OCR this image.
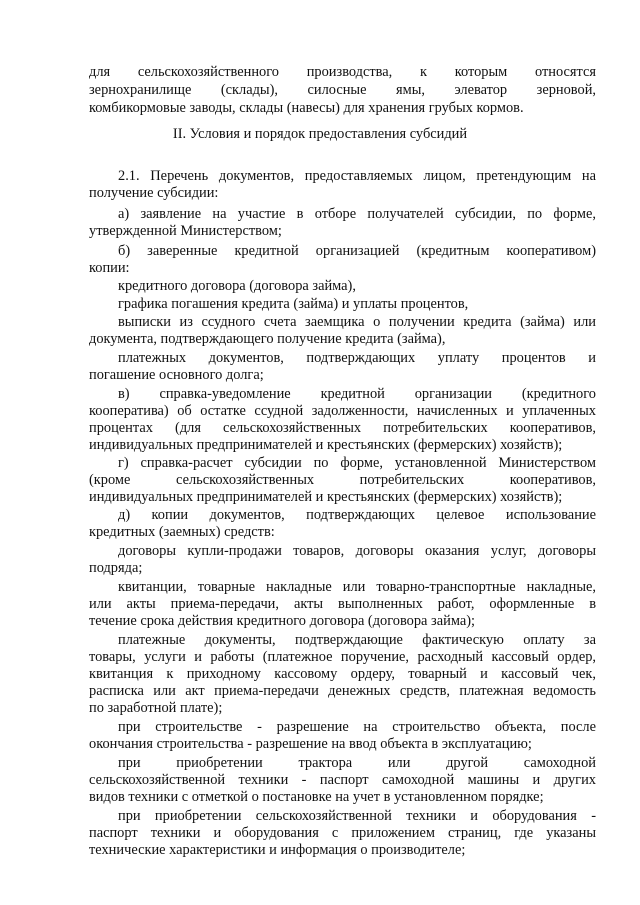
для сельскохозяйственного производства, к которым относятся
зернохранилище (склады), силосные ямы, элеватор зерновой,
комбикормовые заводы, склады (навесы) для хранения грубых кормов.
II. Условия и порядок предоставления субсидий
2.1. Перечень документов, предоставляемых лицом, претендующим на
получение субсидии:
а) заявление на участие в отборе получателей субсидии, по форме,
утвержденной Министерством;
б) заверенные кредитной организацией (кредитным кооперативом)
копии:
кредитного договора (договора займа),
графика погашения кредита (займа) и уплаты процентов,
выписки из ссудного счета заемщика о получении кредита (займа) или
документа, подтверждающего получение кредита (займа),
платежных документов, подтверждающих уплату процентов и
погашение основного долга;
в) справка-уведомление кредитной организации (кредитного
кооператива) об остатке ссудной задолженности, начисленных и уплаченных
процентах (для сельскохозяйственных потребительских кооперативов,
индивидуальных предпринимателей и крестьянских (фермерских) хозяйств);
г) справка-расчет субсидии по форме, установленной Министерством
(кроме сельскохозяйственных потребительских кооперативов,
индивидуальных предпринимателей и крестьянских (фермерских) хозяйств);
д) копии документов, подтверждающих целевое использование
кредитных (заемных) средств:
договоры купли-продажи товаров, договоры оказания услуг, договоры
подряда;
квитанции, товарные накладные или товарно-транспортные накладные,
или акты приема-передачи, акты выполненных работ, оформленные в
течение срока действия кредитного договора (договора займа);
платежные документы, подтверждающие фактическую оплату за
товары, услуги и работы (платежное поручение, расходный кассовый ордер,
квитанция к приходному кассовому ордеру, товарный и кассовый чек,
расписка или акт приема-передачи денежных средств, платежная ведомость
по заработной плате);
при строительстве - разрешение на строительство объекта, после
окончания строительства - разрешение на ввод объекта в эксплуатацию;
при приобретении трактора или другой самоходной
сельскохозяйственной техники - паспорт самоходной машины и других
видов техники с отметкой о постановке на учет в установленном порядке;
при приобретении сельскохозяйственной техники и оборудования -
паспорт техники и оборудования с приложением страниц, где указаны
технические характеристики и информация о производителе;
